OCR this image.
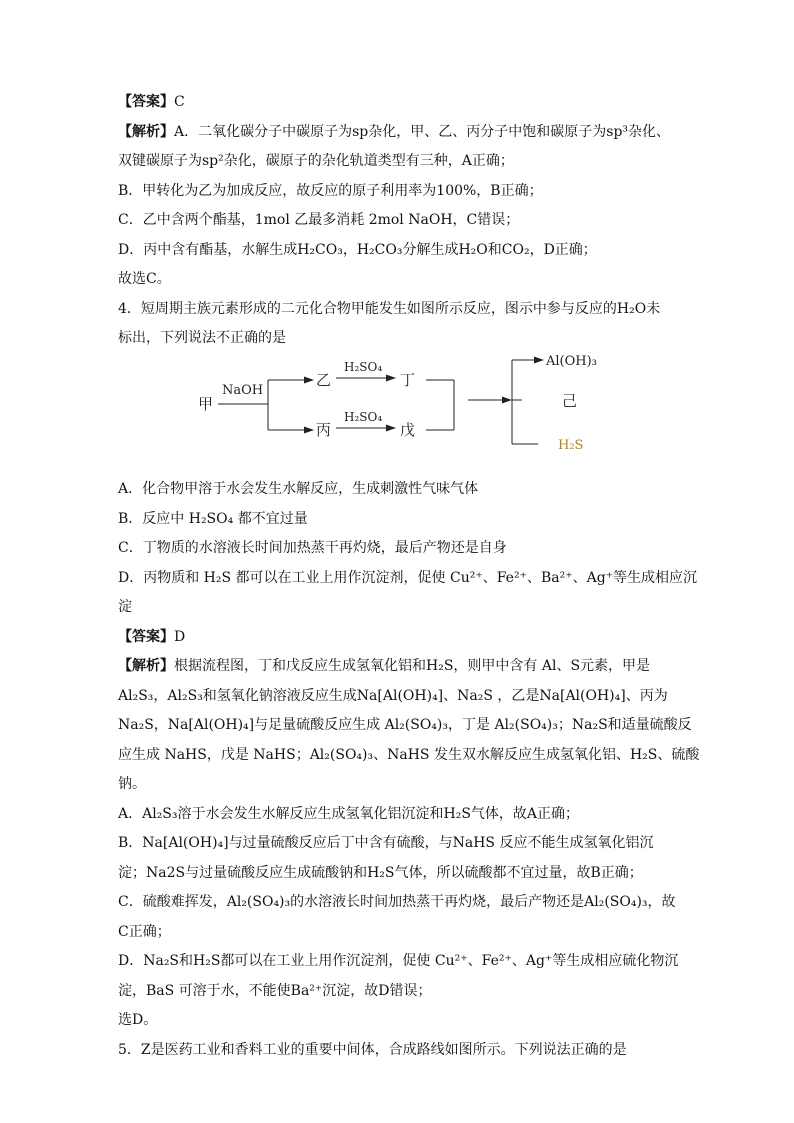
【答案】C
【解析】A．二氧化碳分子中碳原子为sp杂化，甲、乙、丙分子中饱和碳原子为sp³杂化、
双键碳原子为sp²杂化，碳原子的杂化轨道类型有三种，A正确；
B．甲转化为乙为加成反应，故反应的原子利用率为100%，B正确；
C．乙中含两个酯基，1mol 乙最多消耗 2mol NaOH，C错误；
D．丙中含有酯基，水解生成H₂CO₃，H₂CO₃分解生成H₂O和CO₂，D正确；
故选C。
4．短周期主族元素形成的二元化合物甲能发生如图所示反应，图示中参与反应的H₂O未
标出，下列说法不正确的是
甲
NaOH
乙
丙
H₂SO₄
H₂SO₄
丁
戊
Al(OH)₃
己
H₂S
A．化合物甲溶于水会发生水解反应，生成刺激性气味气体
B．反应中 H₂SO₄ 都不宜过量
C．丁物质的水溶液长时间加热蒸干再灼烧，最后产物还是自身
D．丙物质和 H₂S 都可以在工业上用作沉淀剂，促使 Cu²⁺、Fe²⁺、Ba²⁺、Ag⁺等生成相应沉
淀
【答案】D
【解析】根据流程图，丁和戊反应生成氢氧化铝和H₂S，则甲中含有 Al、S元素，甲是
Al₂S₃，Al₂S₃和氢氧化钠溶液反应生成Na[Al(OH)₄]、Na₂S ，乙是Na[Al(OH)₄]、丙为
Na₂S，Na[Al(OH)₄]与足量硫酸反应生成 Al₂(SO₄)₃，丁是 Al₂(SO₄)₃；Na₂S和适量硫酸反
应生成 NaHS，戊是 NaHS；Al₂(SO₄)₃、NaHS 发生双水解反应生成氢氧化铝、H₂S、硫酸
钠。
A．Al₂S₃溶于水会发生水解反应生成氢氧化铝沉淀和H₂S气体，故A正确；
B．Na[Al(OH)₄]与过量硫酸反应后丁中含有硫酸，与NaHS 反应不能生成氢氧化铝沉
淀；Na2S与过量硫酸反应生成硫酸钠和H₂S气体，所以硫酸都不宜过量，故B正确；
C．硫酸难挥发，Al₂(SO₄)₃的水溶液长时间加热蒸干再灼烧，最后产物还是Al₂(SO₄)₃，故
C正确；
D．Na₂S和H₂S都可以在工业上用作沉淀剂，促使 Cu²⁺、Fe²⁺、Ag⁺等生成相应硫化物沉
淀，BaS 可溶于水，不能使Ba²⁺沉淀，故D错误；
选D。
5．Z是医药工业和香料工业的重要中间体，合成路线如图所示。下列说法正确的是
